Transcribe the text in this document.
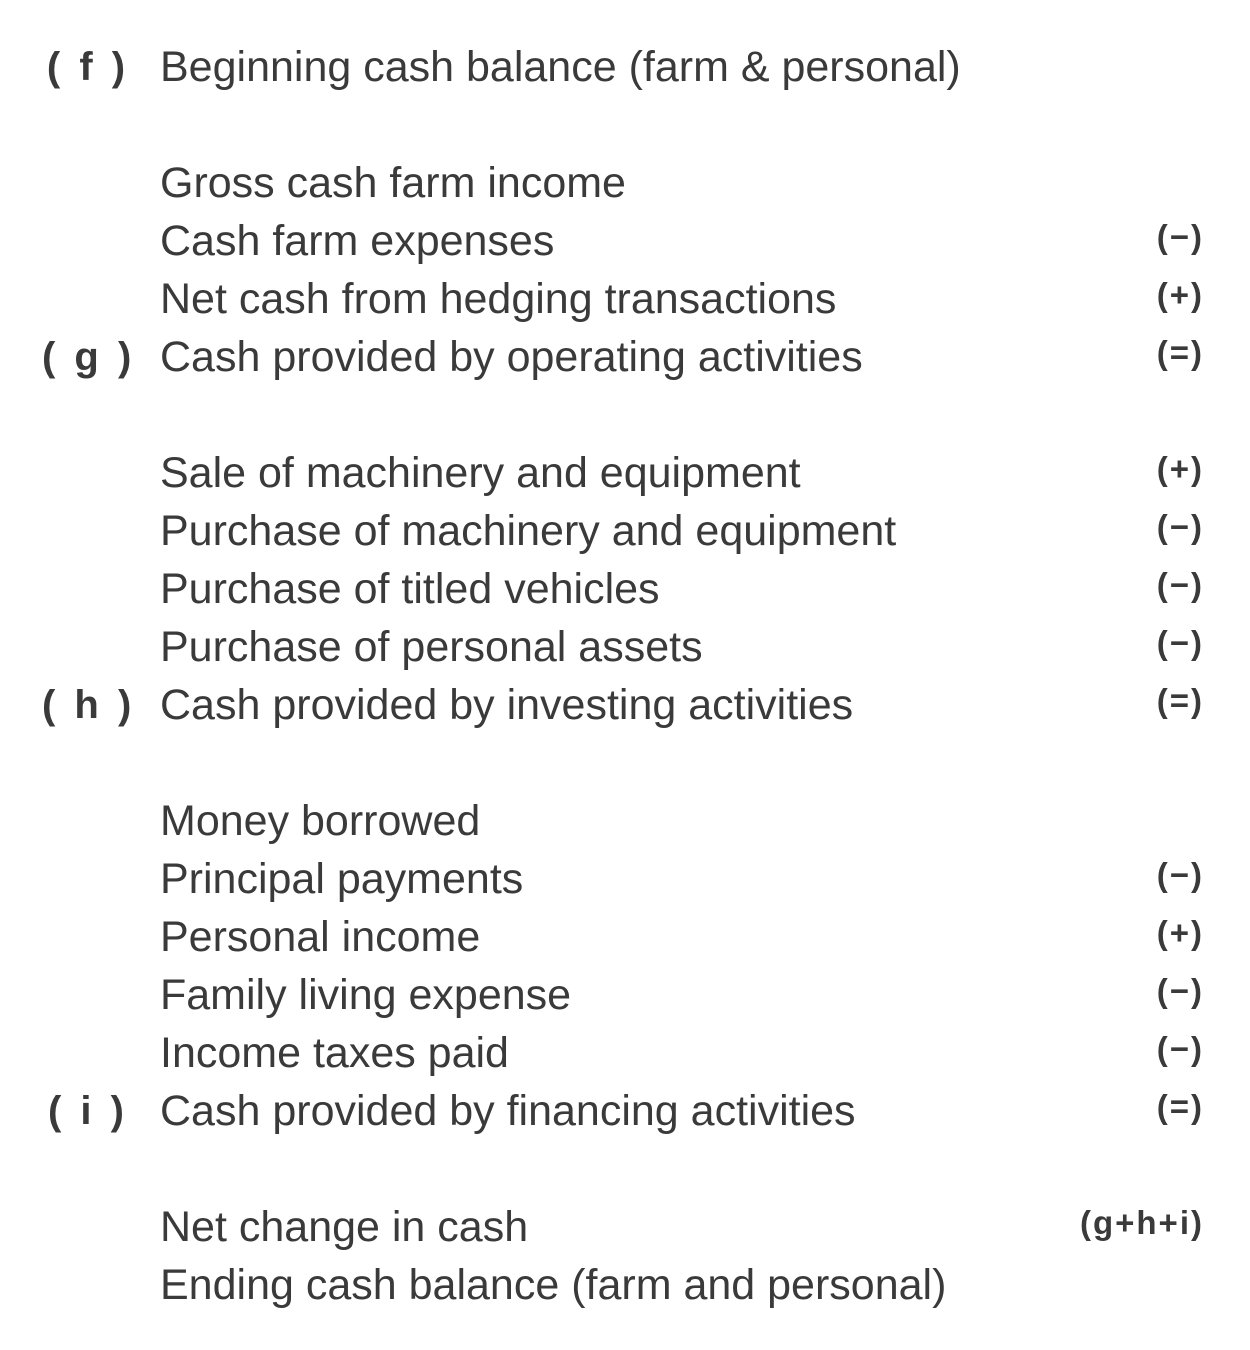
( f ) Beginning cash balance (farm & personal)
Gross cash farm income
Cash farm expenses	(−)
Net cash from hedging transactions	(+)
( g ) Cash provided by operating activities	(=)
Sale of machinery and equipment	(+)
Purchase of machinery and equipment	(−)
Purchase of titled vehicles	(−)
Purchase of personal assets	(−)
( h ) Cash provided by investing activities	(=)
Money borrowed
Principal payments	(−)
Personal income	(+)
Family living expense	(−)
Income taxes paid	(−)
( i ) Cash provided by financing activities	(=)
Net change in cash	(g+h+i)
Ending cash balance (farm and personal)
